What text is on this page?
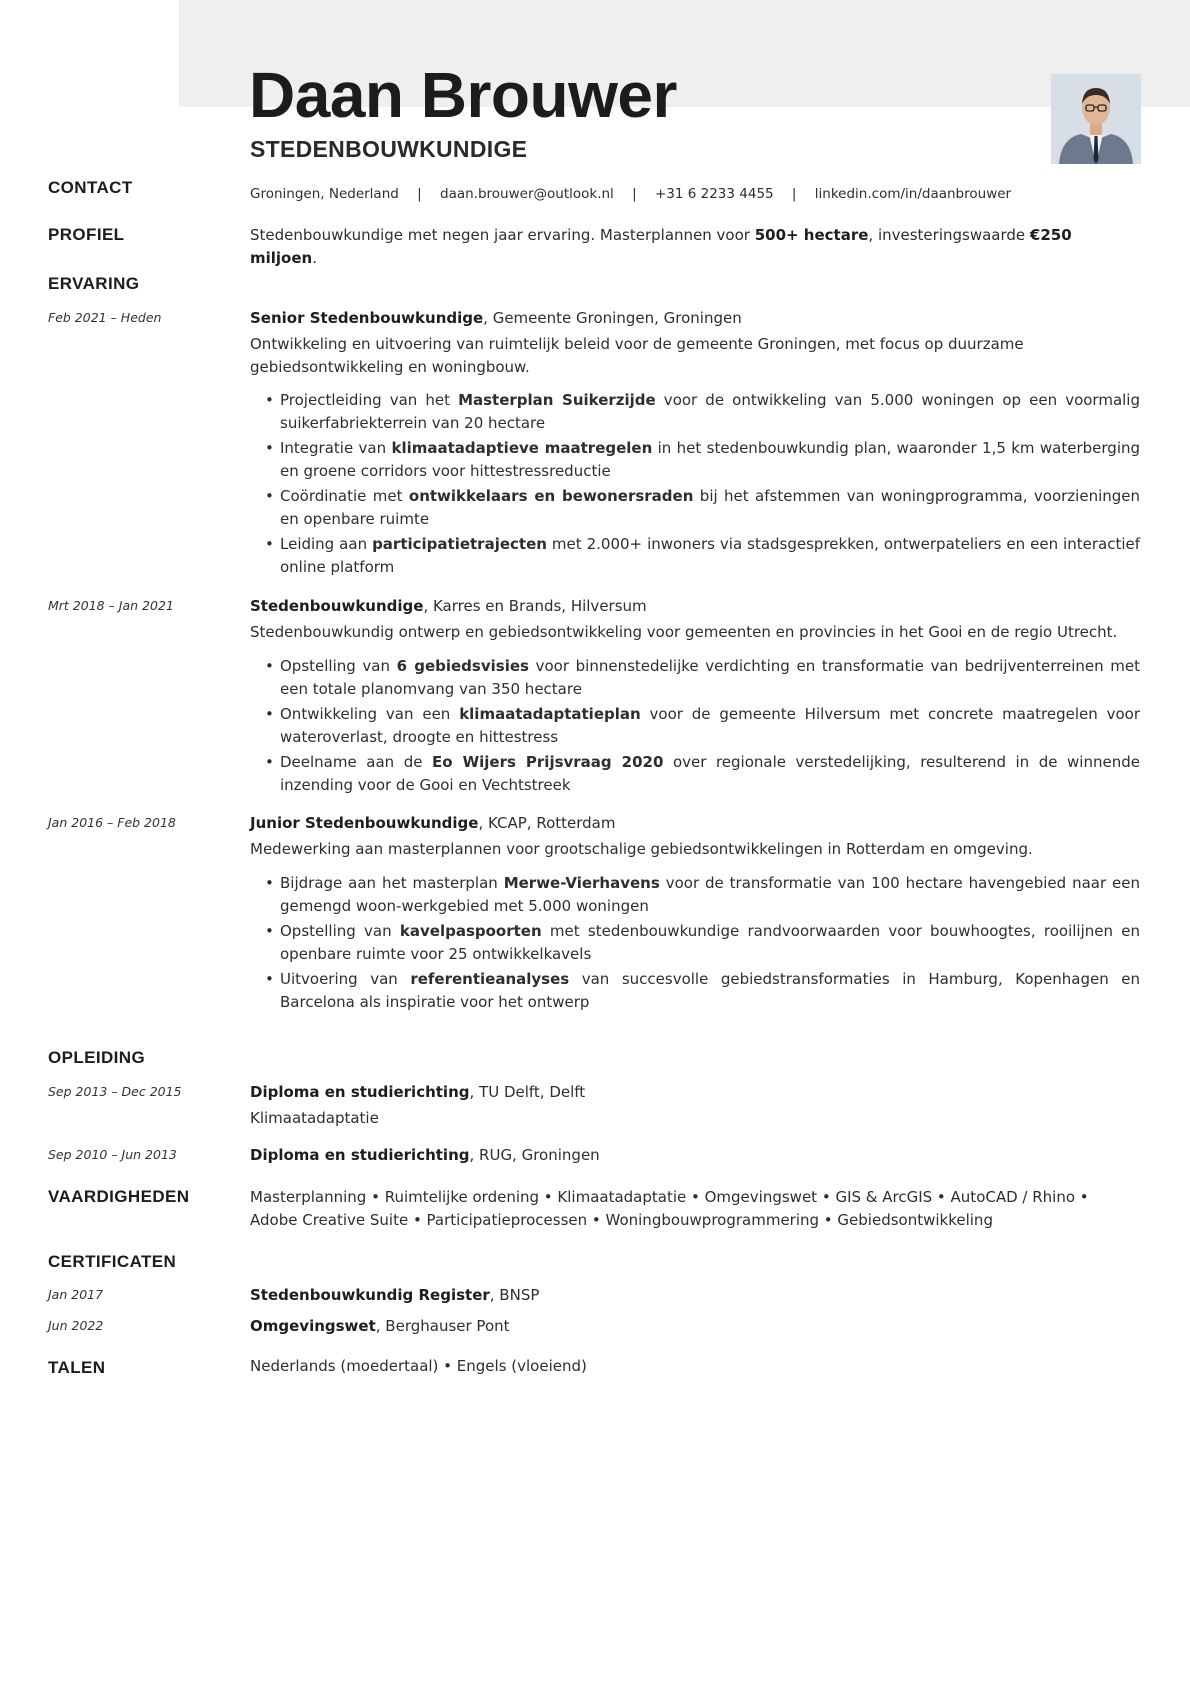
Daan Brouwer
STEDENBOUWKUNDIGE
CONTACT	Groningen, Nederland | daan.brouwer@outlook.nl | +31 6 2233 4455 | linkedin.com/in/daanbrouwer
PROFIEL	Stedenbouwkundige met negen jaar ervaring. Masterplannen voor 500+ hectare, investeringswaarde €250 miljoen.
ERVARING
Feb 2021 – Heden	Senior Stedenbouwkundige, Gemeente Groningen, Groningen
Ontwikkeling en uitvoering van ruimtelijk beleid voor de gemeente Groningen, met focus op duurzame gebiedsontwikkeling en woningbouw.
• Projectleiding van het Masterplan Suikerzijde voor de ontwikkeling van 5.000 woningen op een voormalig suikerfabriekterrein van 20 hectare
• Integratie van klimaatadaptieve maatregelen in het stedenbouwkundig plan, waaronder 1,5 km waterberging en groene corridors voor hittestressreductie
• Coördinatie met ontwikkelaars en bewonersraden bij het afstemmen van woningprogramma, voorzieningen en openbare ruimte
• Leiding aan participatietrajecten met 2.000+ inwoners via stadsgesprekken, ontwerpateliers en een interactief online platform
Mrt 2018 – Jan 2021	Stedenbouwkundige, Karres en Brands, Hilversum
Stedenbouwkundig ontwerp en gebiedsontwikkeling voor gemeenten en provincies in het Gooi en de regio Utrecht.
• Opstelling van 6 gebiedsvisies voor binnenstedelijke verdichting en transformatie van bedrijventerreinen met een totale planomvang van 350 hectare
• Ontwikkeling van een klimaatadaptatieplan voor de gemeente Hilversum met concrete maatregelen voor wateroverlast, droogte en hittestress
• Deelname aan de Eo Wijers Prijsvraag 2020 over regionale verstedelijking, resulterend in de winnende inzending voor de Gooi en Vechtstreek
Jan 2016 – Feb 2018	Junior Stedenbouwkundige, KCAP, Rotterdam
Medewerking aan masterplannen voor grootschalige gebiedsontwikkelingen in Rotterdam en omgeving.
• Bijdrage aan het masterplan Merwe-Vierhavens voor de transformatie van 100 hectare havengebied naar een gemengd woon-werkgebied met 5.000 woningen
• Opstelling van kavelpaspoorten met stedenbouwkundige randvoorwaarden voor bouwhoogtes, rooilijnen en openbare ruimte voor 25 ontwikkelkavels
• Uitvoering van referentieanalyses van succesvolle gebiedstransformaties in Hamburg, Kopenhagen en Barcelona als inspiratie voor het ontwerp
OPLEIDING
Sep 2013 – Dec 2015	Diploma en studierichting, TU Delft, Delft
Klimaatadaptatie
Sep 2010 – Jun 2013	Diploma en studierichting, RUG, Groningen
VAARDIGHEDEN	Masterplanning • Ruimtelijke ordening • Klimaatadaptatie • Omgevingswet • GIS & ArcGIS • AutoCAD / Rhino • Adobe Creative Suite • Participatieprocessen • Woningbouwprogrammering • Gebiedsontwikkeling
CERTIFICATEN
Jan 2017	Stedenbouwkundig Register, BNSP
Jun 2022	Omgevingswet, Berghauser Pont
TALEN	Nederlands (moedertaal) • Engels (vloeiend)
